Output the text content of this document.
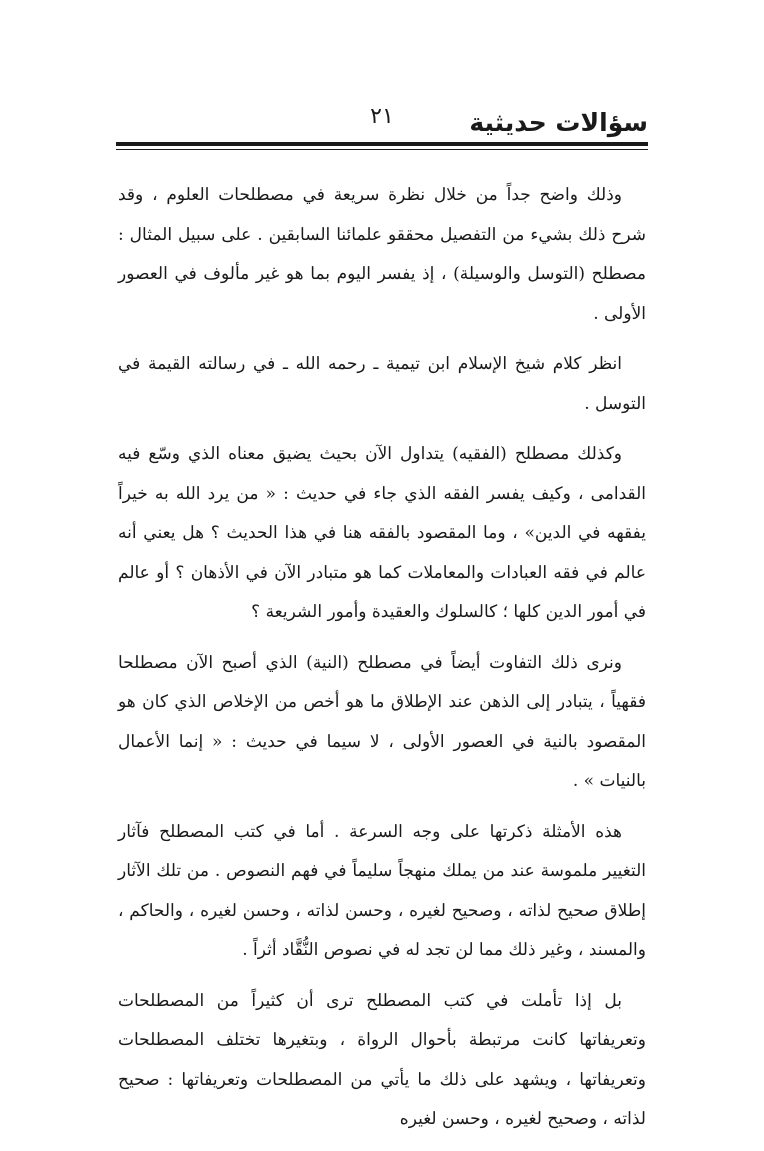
سؤالات حديثية
٢١

وذلك واضح جداً من خلال نظرة سريعة في مصطلحات العلوم ، وقد شرح ذلك بشيء من التفصيل محققو علمائنا السابقين . على سبيل المثال : مصطلح (التوسل والوسيلة) ، إذ يفسر اليوم بما هو غير مألوف في العصور الأولى .

انظر كلام شيخ الإسلام ابن تيمية ـ رحمه الله ـ في رسالته القيمة في التوسل .

وكذلك مصطلح (الفقيه) يتداول الآن بحيث يضيق معناه الذي وسّع فيه القدامى ، وكيف يفسر الفقه الذي جاء في حديث : « من يرد الله به خيراً يفقهه في الدين» ، وما المقصود بالفقه هنا في هذا الحديث ؟ هل يعني أنه عالم في فقه العبادات والمعاملات كما هو متبادر الآن في الأذهان ؟ أو عالم في أمور الدين كلها ؛ كالسلوك والعقيدة وأمور الشريعة ؟

ونرى ذلك التفاوت أيضاً في مصطلح (النية) الذي أصبح الآن مصطلحا فقهياً ، يتبادر إلى الذهن عند الإطلاق ما هو أخص من الإخلاص الذي كان هو المقصود بالنية في العصور الأولى ، لا سيما في حديث : « إنما الأعمال بالنيات » .

هذه الأمثلة ذكرتها على وجه السرعة . أما في كتب المصطلح فآثار التغيير ملموسة عند من يملك منهجاً سليماً في فهم النصوص . من تلك الآثار إطلاق صحيح لذاته ، وصحيح لغيره ، وحسن لذاته ، وحسن لغيره ، والحاكم ، والمسند ، وغير ذلك مما لن تجد له في نصوص النُّقَّاد أثراً .

بل إذا تأملت في كتب المصطلح ترى أن كثيراً من المصطلحات وتعريفاتها كانت مرتبطة بأحوال الرواة ، وبتغيرها تختلف المصطلحات وتعريفاتها ، ويشهد على ذلك ما يأتي من المصطلحات وتعريفاتها : صحيح لذاته ، وصحيح لغيره ، وحسن لغيره
